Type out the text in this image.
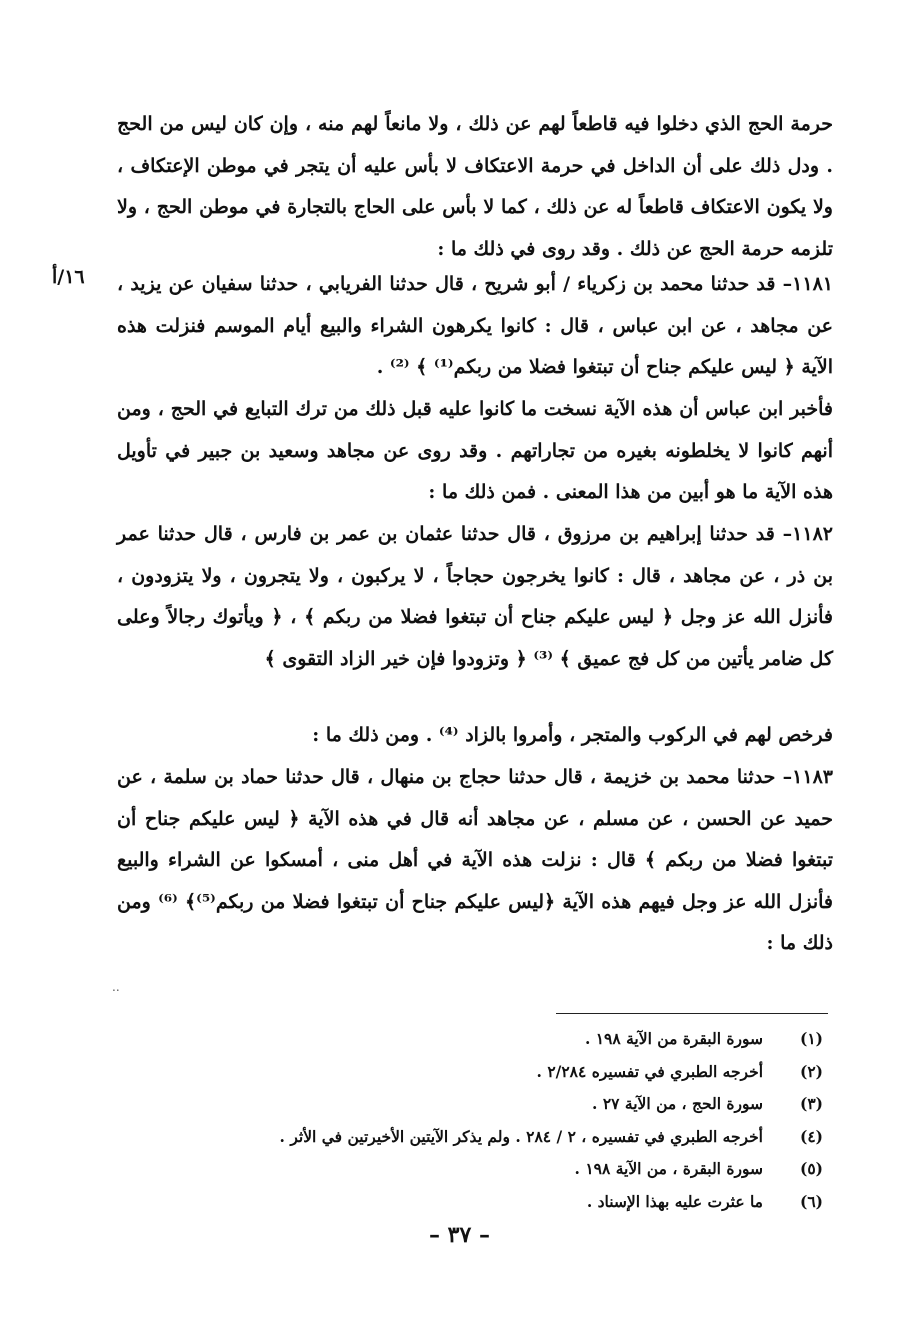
١٦/أ

حرمة الحج الذي دخلوا فيه قاطعاً لهم عن ذلك ، ولا مانعاً لهم منه ، وإن كان ليس من الحج . ودل ذلك على أن الداخل في حرمة الاعتكاف لا بأس عليه أن يتجر في موطن الإعتكاف ، ولا يكون الاعتكاف قاطعاً له عن ذلك ، كما لا بأس على الحاج بالتجارة في موطن الحج ، ولا تلزمه حرمة الحج عن ذلك . وقد روى في ذلك ما :

١١٨١– قد حدثنا محمد بن زكرياء / أبو شريح ، قال حدثنا الفريابي ، حدثنا سفيان عن يزيد ، عن مجاهد ، عن ابن عباس ، قال : كانوا يكرهون الشراء والبيع أيام الموسم فنزلت هذه الآية ﴿ ليس عليكم جناح أن تبتغوا فضلا من ربكم⁽¹⁾ ﴾ ⁽²⁾ .

فأخبر ابن عباس أن هذه الآية نسخت ما كانوا عليه قبل ذلك من ترك التبايع في الحج ، ومن أنهم كانوا لا يخلطونه بغيره من تجاراتهم . وقد روى عن مجاهد وسعيد بن جبير في تأويل هذه الآية ما هو أبين من هذا المعنى . فمن ذلك ما :

١١٨٢– قد حدثنا إبراهيم بن مرزوق ، قال حدثنا عثمان بن عمر بن فارس ، قال حدثنا عمر بن ذر ، عن مجاهد ، قال : كانوا يخرجون حجاجاً ، لا يركبون ، ولا يتجرون ، ولا يتزودون ، فأنزل الله عز وجل ﴿ ليس عليكم جناح أن تبتغوا فضلا من ربكم ﴾ ، ﴿ ويأتوك رجالاً وعلى كل ضامر يأتين من كل فج عميق ﴾ ⁽³⁾ ﴿ وتزودوا فإن خير الزاد التقوى ﴾

فرخص لهم في الركوب والمتجر ، وأمروا بالزاد ⁽⁴⁾ . ومن ذلك ما :

١١٨٣– حدثنا محمد بن خزيمة ، قال حدثنا حجاج بن منهال ، قال حدثنا حماد بن سلمة ، عن حميد عن الحسن ، عن مسلم ، عن مجاهد أنه قال في هذه الآية ﴿ ليس عليكم جناح أن تبتغوا فضلا من ربكم ﴾ قال : نزلت هذه الآية في أهل منى ، أمسكوا عن الشراء والبيع فأنزل الله عز وجل فيهم هذه الآية ﴿ليس عليكم جناح أن تبتغوا فضلا من ربكم⁽⁵⁾﴾ ⁽⁶⁾ ومن ذلك ما :

..
(١)
سورة البقرة من الآية ١٩٨ .
(٢)
أخرجه الطبري في تفسيره ٢/٢٨٤ .
(٣)
سورة الحج ، من الآية ٢٧ .
(٤)
أخرجه الطبري في تفسيره ، ٢ / ٢٨٤ . ولم يذكر الآيتين الأخيرتين في الأثر .
(٥)
سورة البقرة ، من الآية ١٩٨ .
(٦)
ما عثرت عليه بهذا الإسناد .
– ٣٧ –
